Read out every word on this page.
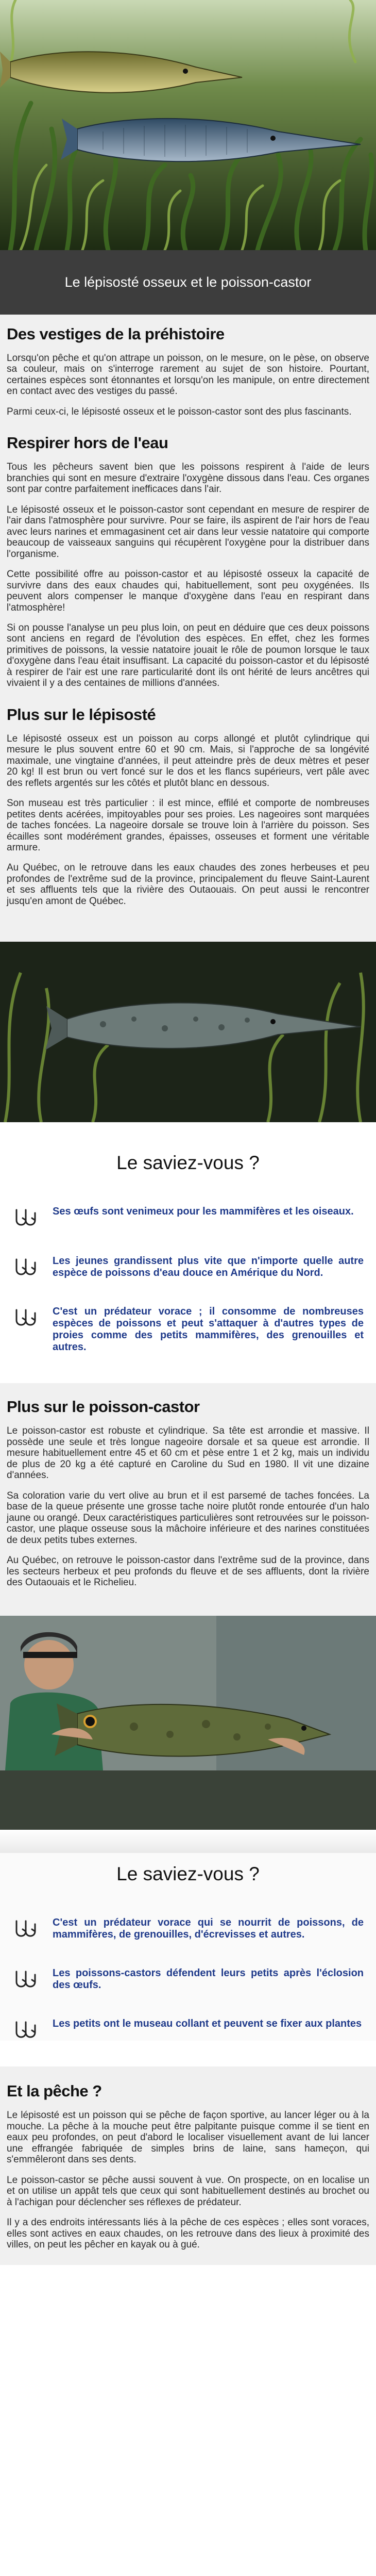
Le lépisosté osseux et le poisson-castor
Des vestiges de la préhistoire

Lorsqu'on pêche et qu'on attrape un poisson, on le mesure, on le pèse, on observe sa couleur, mais on s'interroge rarement au sujet de son histoire. Pourtant, certaines espèces sont étonnantes et lorsqu'on les manipule, on entre directement en contact avec des vestiges du passé.

Parmi ceux-ci, le lépisosté osseux et le poisson-castor sont des plus fascinants.

Respirer hors de l'eau

Tous les pêcheurs savent bien que les poissons respirent à l'aide de leurs branchies qui sont en mesure d'extraire l'oxygène dissous dans l'eau. Ces organes sont par contre parfaitement inefficaces dans l'air.

Le lépisosté osseux et le poisson-castor sont cependant en mesure de respirer de l'air dans l'atmosphère pour survivre. Pour se faire, ils aspirent de l'air hors de l'eau avec leurs narines et emmagasinent cet air dans leur vessie natatoire qui comporte beaucoup de vaisseaux sanguins qui récupèrent l'oxygène pour la distribuer dans l'organisme.

Cette possibilité offre au poisson-castor et au lépisosté osseux la capacité de survivre dans des eaux chaudes qui, habituellement, sont peu oxygénées. Ils peuvent alors compenser le manque d'oxygène dans l'eau en respirant dans l'atmosphère!

Si on pousse l'analyse un peu plus loin, on peut en déduire que ces deux poissons sont anciens en regard de l'évolution des espèces. En effet, chez les formes primitives de poissons, la vessie natatoire jouait le rôle de poumon lorsque le taux d'oxygène dans l'eau était insuffisant. La capacité du poisson-castor et du lépisosté à respirer de l'air est une rare particularité dont ils ont hérité de leurs ancêtres qui vivaient il y a des centaines de millions d'années.

Plus sur le lépisosté

Le lépisosté osseux est un poisson au corps allongé et plutôt cylindrique qui mesure le plus souvent entre 60 et 90 cm. Mais, si l'approche de sa longévité maximale, une vingtaine d'années, il peut atteindre près de deux mètres et peser 20 kg! Il est brun ou vert foncé sur le dos et les flancs supérieurs, vert pâle avec des reflets argentés sur les côtés et plutôt blanc en dessous.

Son museau est très particulier : il est mince, effilé et comporte de nombreuses petites dents acérées, impitoyables pour ses proies. Les nageoires sont marquées de taches foncées. La nageoire dorsale se trouve loin à l'arrière du poisson. Ses écailles sont modérément grandes, épaisses, osseuses et forment une véritable armure.

Au Québec, on le retrouve dans les eaux chaudes des zones herbeuses et peu profondes de l'extrême sud de la province, principalement du fleuve Saint-Laurent et ses affluents tels que la rivière des Outaouais. On peut aussi le rencontrer jusqu'en amont de Québec.

Le saviez-vous ?

Ses œufs sont venimeux pour les mammifères et les oiseaux.

Les jeunes grandissent plus vite que n'importe quelle autre espèce de poissons d'eau douce en Amérique du Nord.

C'est un prédateur vorace ; il consomme de nombreuses espèces de poissons et peut s'attaquer à d'autres types de proies comme des petits mammifères, des grenouilles et autres.

Plus sur le poisson-castor

Le poisson-castor est robuste et cylindrique. Sa tête est arrondie et massive. Il possède une seule et très longue nageoire dorsale et sa queue est arrondie. Il mesure habituellement entre 45 et 60 cm et pèse entre 1 et 2 kg, mais un individu de plus de 20 kg a été capturé en Caroline du Sud en 1980. Il vit une dizaine d'années.

Sa coloration varie du vert olive au brun et il est parsemé de taches foncées. La base de la queue présente une grosse tache noire plutôt ronde entourée d'un halo jaune ou orangé. Deux caractéristiques particulières sont retrouvées sur le poisson-castor, une plaque osseuse sous la mâchoire inférieure et des narines constituées de deux petits tubes externes.

Au Québec, on retrouve le poisson-castor dans l'extrême sud de la province, dans les secteurs herbeux et peu profonds du fleuve et de ses affluents, dont la rivière des Outaouais et le Richelieu.

Le saviez-vous ?

C'est un prédateur vorace qui se nourrit de poissons, de mammifères, de grenouilles, d'écrevisses et autres.

Les poissons-castors défendent leurs petits après l'éclosion des œufs.

Les petits ont le museau collant et peuvent se fixer aux plantes

Et la pêche ?

Le lépisosté est un poisson qui se pêche de façon sportive, au lancer léger ou à la mouche. La pêche à la mouche peut être palpitante puisque comme il se tient en eaux peu profondes, on peut d'abord le localiser visuellement avant de lui lancer une effrangée fabriquée de simples brins de laine, sans hameçon, qui s'emmêleront dans ses dents.

Le poisson-castor se pêche aussi souvent à vue. On prospecte, on en localise un et on utilise un appât tels que ceux qui sont habituellement destinés au brochet ou à l'achigan pour déclencher ses réflexes de prédateur.

Il y a des endroits intéressants liés à la pêche de ces espèces ; elles sont voraces, elles sont actives en eaux chaudes, on les retrouve dans des lieux à proximité des villes, on peut les pêcher en kayak ou à gué.
